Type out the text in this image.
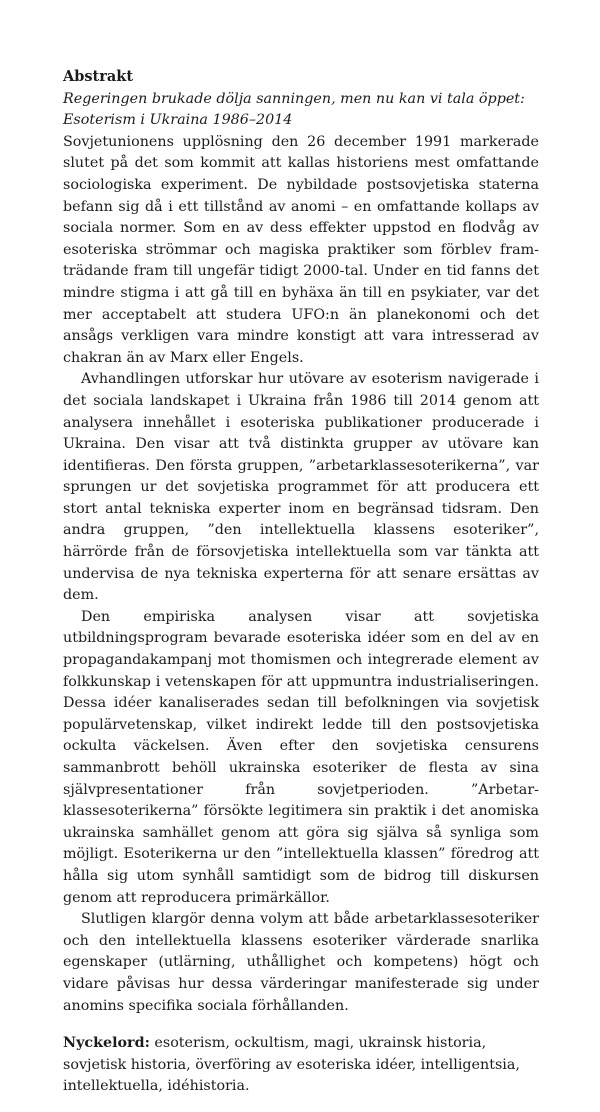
Abstrakt

Regeringen brukade dölja sanningen, men nu kan vi tala öppet: Esoterism i Ukraina 1986–2014

Sovjetunionens upplösning den 26 december 1991 markerade slutet på det som kommit att kallas historiens mest omfattande sociologiska experiment. De nybildade postsovjetiska staterna befann sig då i ett tillstånd av anomi – en omfattande kollaps av sociala normer. Som en av dess effekter uppstod en flodvåg av esoteriska strömmar och magiska praktiker som förblev framträdande fram till ungefär tidigt 2000-tal. Under en tid fanns det mindre stigma i att gå till en byhäxa än till en psykiater, var det mer acceptabelt att studera UFO:n än planekonomi och det ansågs verkligen vara mindre konstigt att vara intresserad av chakran än av Marx eller Engels.

Avhandlingen utforskar hur utövare av esoterism navigerade i det sociala landskapet i Ukraina från 1986 till 2014 genom att analysera innehållet i esoteriska publikationer producerade i Ukraina. Den visar att två distinkta grupper av utövare kan identifieras. Den första gruppen, ”arbetarklassesoterikerna”, var sprungen ur det sovjetiska programmet för att producera ett stort antal tekniska experter inom en begränsad tidsram. Den andra gruppen, ”den intellektuella klassens esoteriker”, härrörde från de försovjetiska intellektuella som var tänkta att undervisa de nya tekniska experterna för att senare ersättas av dem.

Den empiriska analysen visar att sovjetiska utbildningsprogram bevarade esoteriska idéer som en del av en propagandakampanj mot thomismen och integrerade element av folkkunskap i vetenskapen för att uppmuntra industrialiseringen. Dessa idéer kanaliserades sedan till befolkningen via sovjetisk populärvetenskap, vilket indirekt ledde till den postsovjetiska ockulta väckelsen. Även efter den sovjetiska censurens sammanbrott behöll ukrainska esoteriker de flesta av sina självpresentationer från sovjetperioden. ”Arbetarklassesoterikerna” försökte legitimera sin praktik i det anomiska ukrainska samhället genom att göra sig själva så synliga som möjligt. Esoterikerna ur den ”intellektuella klassen” föredrog att hålla sig utom synhåll samtidigt som de bidrog till diskursen genom att reproducera primärkällor.

Slutligen klargör denna volym att både arbetarklassesoteriker och den intellektuella klassens esoteriker värderade snarlika egenskaper (utlärning, uthållighet och kompetens) högt och vidare påvisas hur dessa värderingar manifesterade sig under anomins specifika sociala förhållanden.

Nyckelord: esoterism, ockultism, magi, ukrainsk historia, sovjetisk historia, överföring av esoteriska idéer, intelligentsia, intellektuella, idéhistoria.
